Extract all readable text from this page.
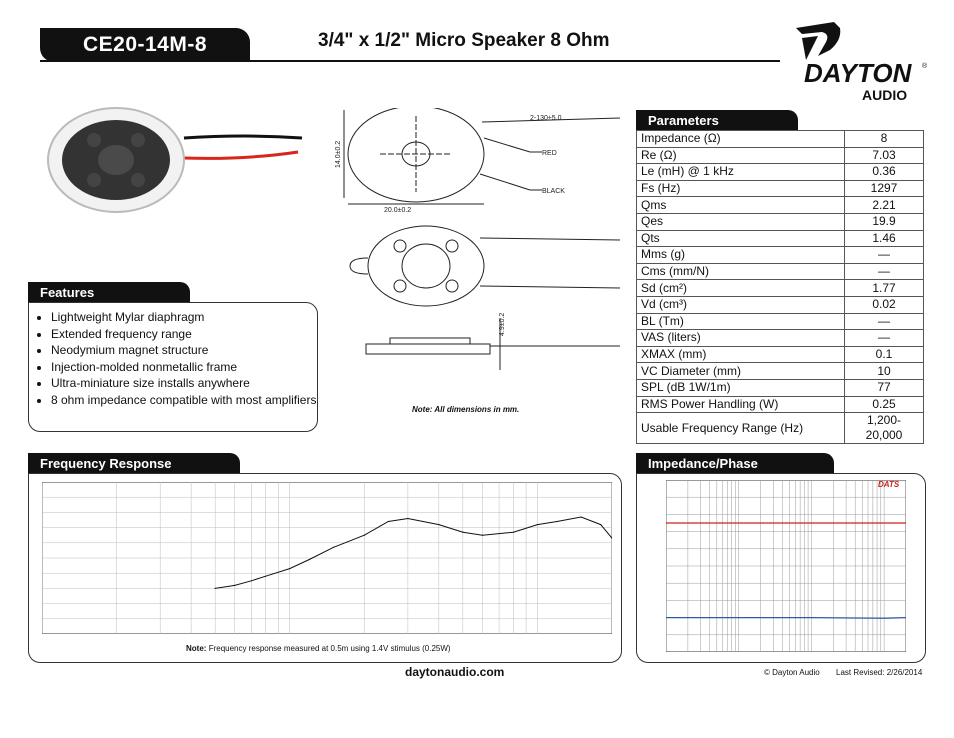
CE20-14M-8	3/4" x 1/2" Micro Speaker 8 Ohm
DAYTON
AUDIO
®
2-130±5.0
RED
BLACK
14.0±0.2
20.0±0.2
4.9±0.2
Note: All dimensions in mm.
Parameters
Impedance (Ω)	8
Re (Ω)	7.03
Le (mH) @ 1 kHz	0.36
Fs (Hz)	1297
Qms	2.21
Qes	19.9
Qts	1.46
Mms (g)	—
Cms (mm/N)	—
Sd (cm²)	1.77
Vd (cm³)	0.02
BL (Tm)	—
VAS (liters)	—
XMAX (mm)	0.1
VC Diameter (mm)	10
SPL (dB 1W/1m)	77
RMS Power Handling (W)	0.25
Usable Frequency Range (Hz)	1,200-20,000
Features
• Lightweight Mylar diaphragm
• Extended frequency range
• Neodymium magnet structure
• Injection-molded nonmetallic frame
• Ultra-miniature size installs anywhere
• 8 ohm impedance compatible with most amplifiers
Frequency Response
Note: Frequency response measured at 0.5m using 1.4V stimulus (0.25W)
Impedance/Phase
DATS
daytonaudio.com	© Dayton Audio Last Revised: 2/26/2014
